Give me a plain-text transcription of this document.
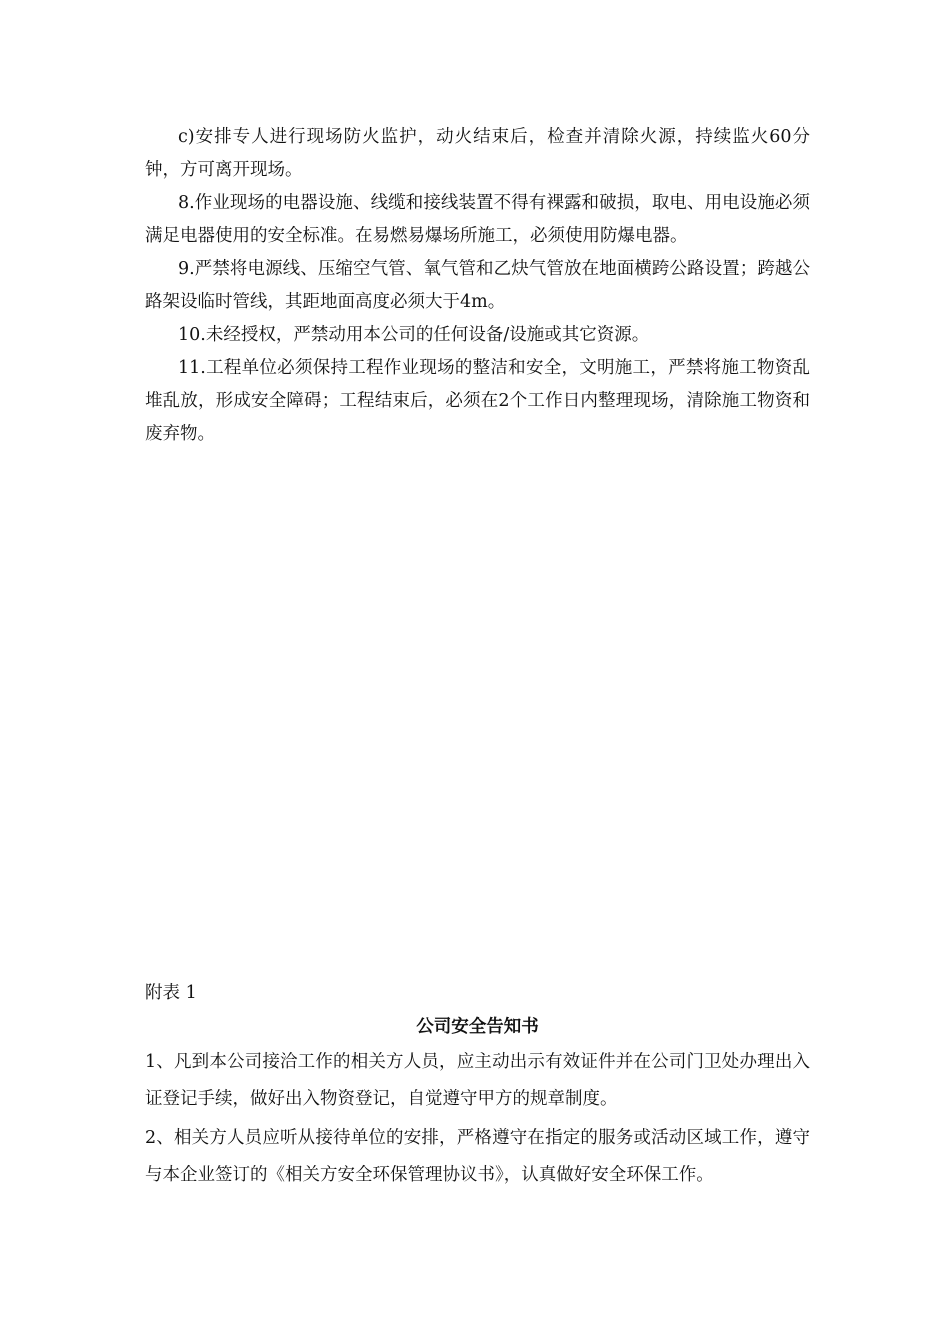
c)安排专人进行现场防火监护，动火结束后，检查并清除火源，持续监火60分钟，方可离开现场。

8.作业现场的电器设施、线缆和接线装置不得有裸露和破损，取电、用电设施必须满足电器使用的安全标准。在易燃易爆场所施工，必须使用防爆电器。

9.严禁将电源线、压缩空气管、氧气管和乙炔气管放在地面横跨公路设置；跨越公路架设临时管线，其距地面高度必须大于4m。

10.未经授权，严禁动用本公司的任何设备/设施或其它资源。

11.工程单位必须保持工程作业现场的整洁和安全，文明施工，严禁将施工物资乱堆乱放，形成安全障碍；工程结束后，必须在2个工作日内整理现场，清除施工物资和废弃物。

附表 1

公司安全告知书

1、凡到本公司接洽工作的相关方人员，应主动出示有效证件并在公司门卫处办理出入证登记手续，做好出入物资登记，自觉遵守甲方的规章制度。

2、相关方人员应听从接待单位的安排，严格遵守在指定的服务或活动区域工作，遵守与本企业签订的《相关方安全环保管理协议书》，认真做好安全环保工作。
